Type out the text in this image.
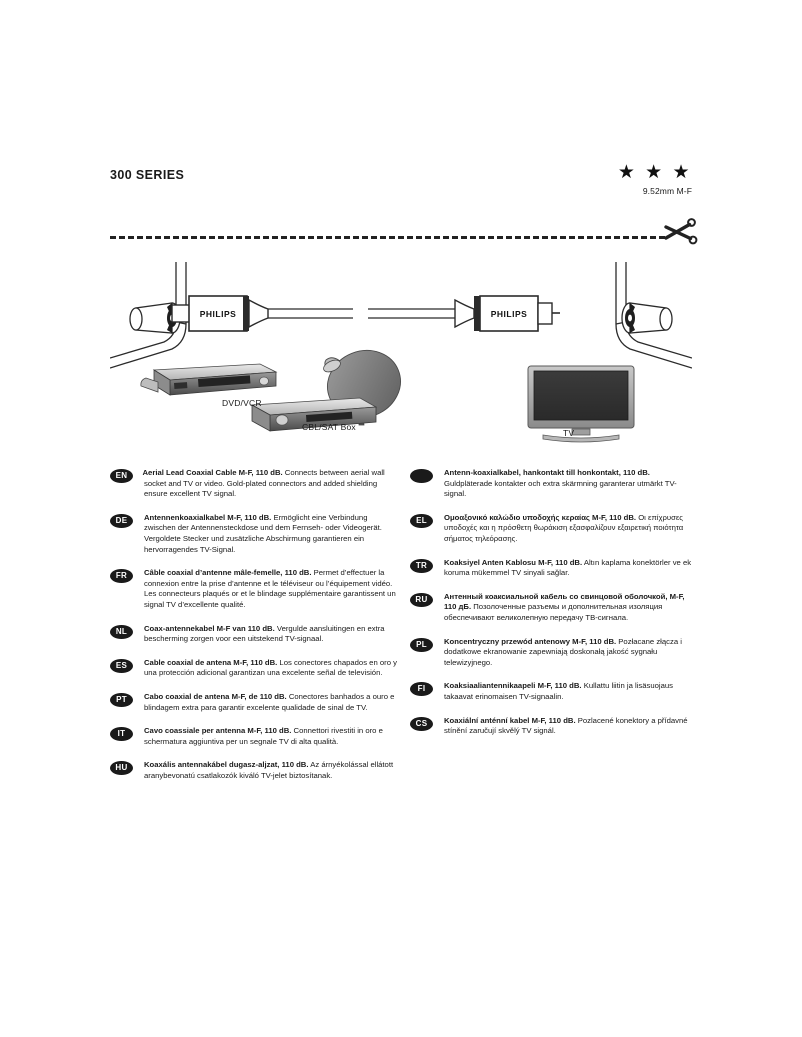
300 SERIES	★ ★ ★
9.52mm M-F
PHILIPS	PHILIPS
DVD/VCR
CBL/SAT Box
TV
EN	Aerial Lead Coaxial Cable M-F, 110 dB. Connects between aerial wall socket and TV or video. Gold-plated connectors and added shielding ensure excellent TV signal.
DE	Antennenkoaxialkabel M-F, 110 dB. Ermöglicht eine Verbindung zwischen der Antennensteckdose und dem Fernseh- oder Videogerät. Vergoldete Stecker und zusätzliche Abschirmung garantieren ein hervorragendes TV-Signal.
FR	Câble coaxial d’antenne mâle-femelle, 110 dB. Permet d’effectuer la connexion entre la prise d’antenne et le téléviseur ou l’équipement vidéo. Les connecteurs plaqués or et le blindage supplémentaire garantissent un signal TV d’excellente qualité.
NL	Coax-antennekabel M-F van 110 dB. Vergulde aansluitingen en extra bescherming zorgen voor een uitstekend TV-signaal.
ES	Cable coaxial de antena M-F, 110 dB. Los conectores chapados en oro y una protección adicional garantizan una excelente señal de televisión.
PT	Cabo coaxial de antena M-F, de 110 dB. Conectores banhados a ouro e blindagem extra para garantir excelente qualidade de sinal de TV.
IT	Cavo coassiale per antenna M-F, 110 dB. Connettori rivestiti in oro e schermatura aggiuntiva per un segnale TV di alta qualità.
HU	Koaxális antennakábel dugasz-aljzat, 110 dB. Az árnyékolással ellátott aranybevonatú csatlakozók kiváló TV-jelet biztosítanak.
Antenn-koaxialkabel, hankontakt till honkontakt, 110 dB. Guldpläterade kontakter och extra skärmning garanterar utmärkt TV-signal.
EL	Ομοαξονικό καλώδιο υποδοχής κεραίας M-F, 110 dB. Οι επίχρυσες υποδοχές και η πρόσθετη θωράκιση εξασφαλίζουν εξαιρετική ποιότητα σήματος τηλεόρασης.
TR	Koaksiyel Anten Kablosu M-F, 110 dB. Altın kaplama konektörler ve ek koruma mükemmel TV sinyali sağlar.
RU	Антенный коаксиальной кабель со свинцовой оболочкой, M-F, 110 дБ. Позолоченные разъемы и дополнительная изоляция обеспечивают великолепную передачу ТВ-сигнала.
PL	Koncentryczny przewód antenowy M-F, 110 dB. Pozłacane złącza i dodatkowe ekranowanie zapewniają doskonałą jakość sygnału telewizyjnego.
FI	Koaksiaaliantennikaapeli M-F, 110 dB. Kullattu liitin ja lisäsuojaus takaavat erinomaisen TV-signaalin.
CS	Koaxiální anténní kabel M-F, 110 dB. Pozlacené konektory a přídavné stínění zaručují skvělý TV signál.
